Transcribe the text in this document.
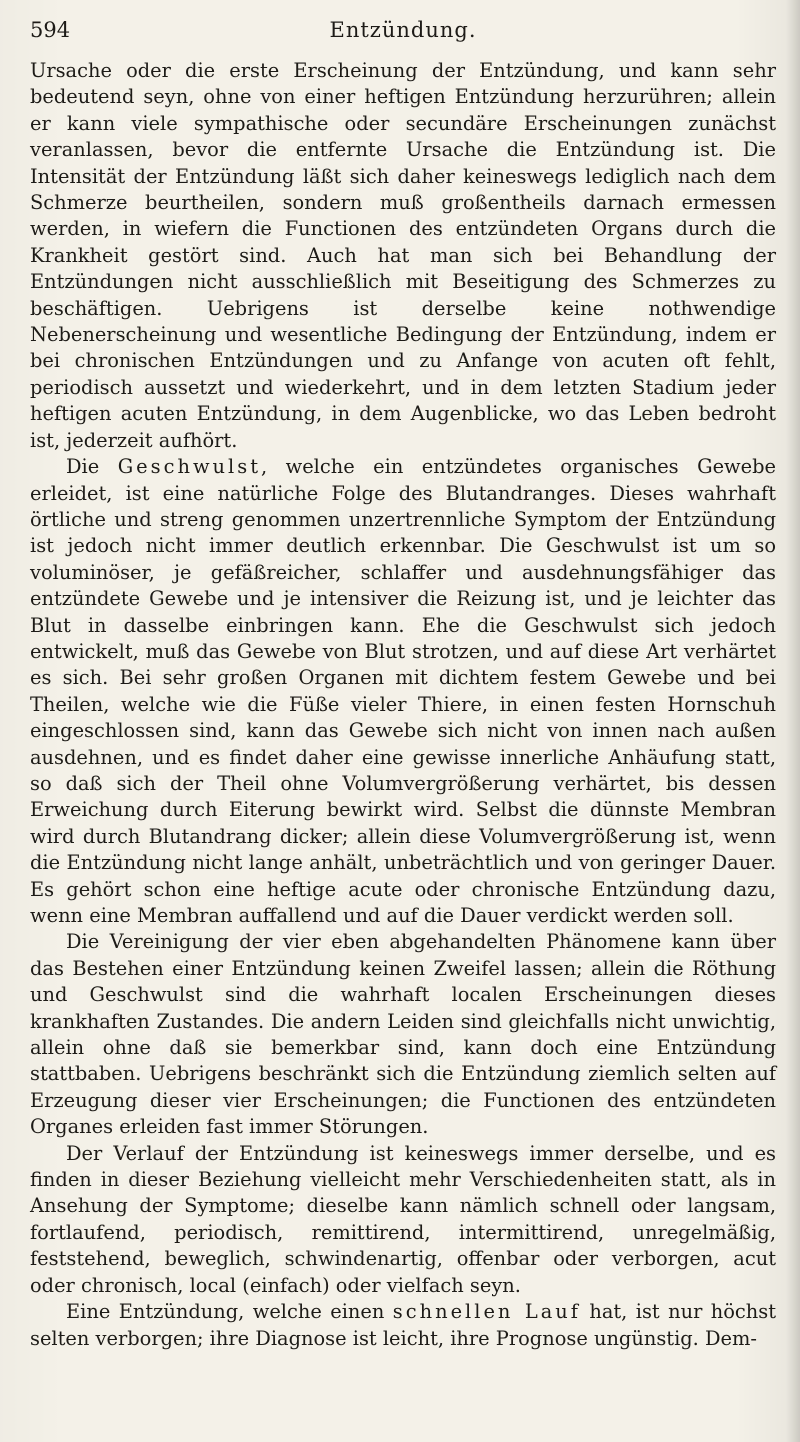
594	Entzündung.

Ursache oder die erste Erscheinung der Entzündung, und kann sehr bedeutend seyn, ohne von einer heftigen Entzündung herzurühren; allein er kann viele sympathische oder secundäre Erscheinungen zunächst veranlassen, bevor die entfernte Ursache die Entzündung ist. Die Intensität der Entzündung läßt sich daher keineswegs lediglich nach dem Schmerze beurtheilen, sondern muß großentheils darnach ermessen werden, in wiefern die Functionen des entzündeten Organs durch die Krankheit gestört sind. Auch hat man sich bei Behandlung der Entzündungen nicht ausschließlich mit Beseitigung des Schmerzes zu beschäftigen. Uebrigens ist derselbe keine nothwendige Nebenerscheinung und wesentliche Bedingung der Entzündung, indem er bei chronischen Entzündungen und zu Anfange von acuten oft fehlt, periodisch aussetzt und wiederkehrt, und in dem letzten Stadium jeder heftigen acuten Entzündung, in dem Augenblicke, wo das Leben bedroht ist, jederzeit aufhört.

Die Geschwulst, welche ein entzündetes organisches Gewebe erleidet, ist eine natürliche Folge des Blutandranges. Dieses wahrhaft örtliche und streng genommen unzertrennliche Symptom der Entzündung ist jedoch nicht immer deutlich erkennbar. Die Geschwulst ist um so voluminöser, je gefäßreicher, schlaffer und ausdehnungsfähiger das entzündete Gewebe und je intensiver die Reizung ist, und je leichter das Blut in dasselbe einbringen kann. Ehe die Geschwulst sich jedoch entwickelt, muß das Gewebe von Blut strotzen, und auf diese Art verhärtet es sich. Bei sehr großen Organen mit dichtem festem Gewebe und bei Theilen, welche wie die Füße vieler Thiere, in einen festen Hornschuh eingeschlossen sind, kann das Gewebe sich nicht von innen nach außen ausdehnen, und es findet daher eine gewisse innerliche Anhäufung statt, so daß sich der Theil ohne Volumvergrößerung verhärtet, bis dessen Erweichung durch Eiterung bewirkt wird. Selbst die dünnste Membran wird durch Blutandrang dicker; allein diese Volumvergrößerung ist, wenn die Entzündung nicht lange anhält, unbeträchtlich und von geringer Dauer. Es gehört schon eine heftige acute oder chronische Entzündung dazu, wenn eine Membran auffallend und auf die Dauer verdickt werden soll.

Die Vereinigung der vier eben abgehandelten Phänomene kann über das Bestehen einer Entzündung keinen Zweifel lassen; allein die Röthung und Geschwulst sind die wahrhaft localen Erscheinungen dieses krankhaften Zustandes. Die andern Leiden sind gleichfalls nicht unwichtig, allein ohne daß sie bemerkbar sind, kann doch eine Entzündung stattbaben. Uebrigens beschränkt sich die Entzündung ziemlich selten auf Erzeugung dieser vier Erscheinungen; die Functionen des entzündeten Organes erleiden fast immer Störungen.

Der Verlauf der Entzündung ist keineswegs immer derselbe, und es finden in dieser Beziehung vielleicht mehr Verschiedenheiten statt, als in Ansehung der Symptome; dieselbe kann nämlich schnell oder langsam, fortlaufend, periodisch, remittirend, intermittirend, unregelmäßig, feststehend, beweglich, schwindenartig, offenbar oder verborgen, acut oder chronisch, local (einfach) oder vielfach seyn.

Eine Entzündung, welche einen schnellen Lauf hat, ist nur höchst selten verborgen; ihre Diagnose ist leicht, ihre Prognose ungünstig. Dem-
